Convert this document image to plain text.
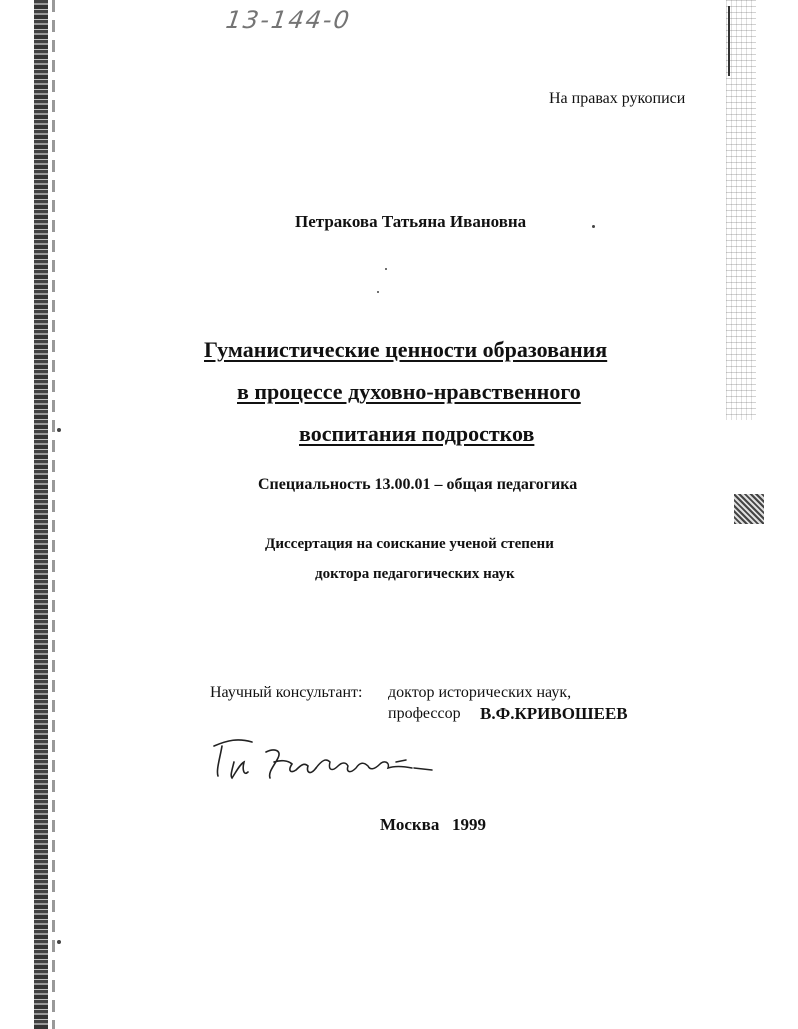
13-144-0
На правах рукописи
Петракова Татьяна Ивановна
Гуманистические ценности образования
в процессе духовно-нравственного
воспитания подростков
Специальность 13.00.01 – общая педагогика
Диссертация на соискание ученой степени
доктора педагогических наук
Научный консультант: доктор исторических наук,
профессор В.Ф.КРИВОШЕЕВ
Москва 1999
